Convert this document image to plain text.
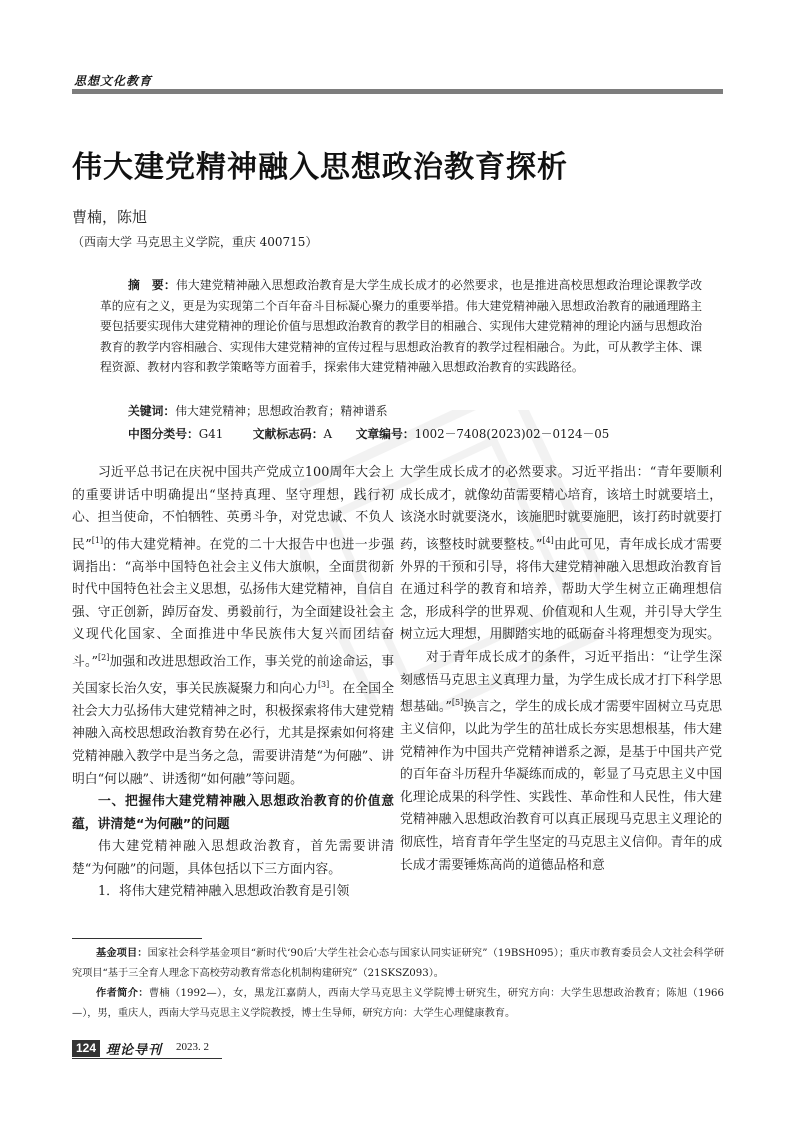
思想文化教育
伟大建党精神融入思想政治教育探析
曹楠，陈旭
（西南大学 马克思主义学院，重庆 400715）

摘　要：伟大建党精神融入思想政治教育是大学生成长成才的必然要求，也是推进高校思想政治理论课教学改革的应有之义，更是为实现第二个百年奋斗目标凝心聚力的重要举措。伟大建党精神融入思想政治教育的融通理路主要包括要实现伟大建党精神的理论价值与思想政治教育的教学目的相融合、实现伟大建党精神的理论内涵与思想政治教育的教学内容相融合、实现伟大建党精神的宣传过程与思想政治教育的教学过程相融合。为此，可从教学主体、课程资源、教材内容和教学策略等方面着手，探索伟大建党精神融入思想政治教育的实践路径。

关键词：伟大建党精神；思想政治教育；精神谱系
中图分类号：G41	文献标志码：A 文章编号：1002－7408(2023)02－0124－05

习近平总书记在庆祝中国共产党成立100周年大会上的重要讲话中明确提出“坚持真理、坚守理想，践行初心、担当使命，不怕牺牲、英勇斗争，对党忠诚、不负人民”[1]的伟大建党精神。在党的二十大报告中也进一步强调指出：“高举中国特色社会主义伟大旗帜，全面贯彻新时代中国特色社会主义思想，弘扬伟大建党精神，自信自强、守正创新，踔厉奋发、勇毅前行，为全面建设社会主义现代化国家、全面推进中华民族伟大复兴而团结奋斗。”[2]加强和改进思想政治工作，事关党的前途命运，事关国家长治久安，事关民族凝聚力和向心力[3]。在全国全社会大力弘扬伟大建党精神之时，积极探索将伟大建党精神融入高校思想政治教育势在必行，尤其是探索如何将建党精神融入教学中是当务之急，需要讲清楚“为何融”、讲明白“何以融”、讲透彻“如何融”等问题。

一、把握伟大建党精神融入思想政治教育的价值意蕴，讲清楚“为何融”的问题

伟大建党精神融入思想政治教育，首先需要讲清楚“为何融”的问题，具体包括以下三方面内容。

1．将伟大建党精神融入思想政治教育是引领

大学生成长成才的必然要求。习近平指出：“青年要顺利成长成才，就像幼苗需要精心培育，该培土时就要培土，该浇水时就要浇水，该施肥时就要施肥，该打药时就要打药，该整枝时就要整枝。”[4]由此可见，青年成长成才需要外界的干预和引导，将伟大建党精神融入思想政治教育旨在通过科学的教育和培养，帮助大学生树立正确理想信念，形成科学的世界观、价值观和人生观，并引导大学生树立远大理想，用脚踏实地的砥砺奋斗将理想变为现实。

对于青年成长成才的条件，习近平指出：“让学生深刻感悟马克思主义真理力量，为学生成长成才打下科学思想基础。”[5]换言之，学生的成长成才需要牢固树立马克思主义信仰，以此为学生的茁壮成长夯实思想根基，伟大建党精神作为中国共产党精神谱系之源，是基于中国共产党的百年奋斗历程升华凝练而成的，彰显了马克思主义中国化理论成果的科学性、实践性、革命性和人民性，伟大建党精神融入思想政治教育可以真正展现马克思主义理论的彻底性，培育青年学生坚定的马克思主义信仰。青年的成长成才需要锤炼高尚的道德品格和意

基金项目：国家社会科学基金项目“新时代‘90后’大学生社会心态与国家认同实证研究”（19BSH095）；重庆市教育委员会人文社会科学研究项目“基于三全育人理念下高校劳动教育常态化机制构建研究”（21SKSZ093）。

作者简介：曹楠（1992—），女，黑龙江嘉荫人，西南大学马克思主义学院博士研究生，研究方向：大学生思想政治教育；陈旭（1966—），男，重庆人，西南大学马克思主义学院教授，博士生导师，研究方向：大学生心理健康教育。

124 理论导刊 2023. 2
